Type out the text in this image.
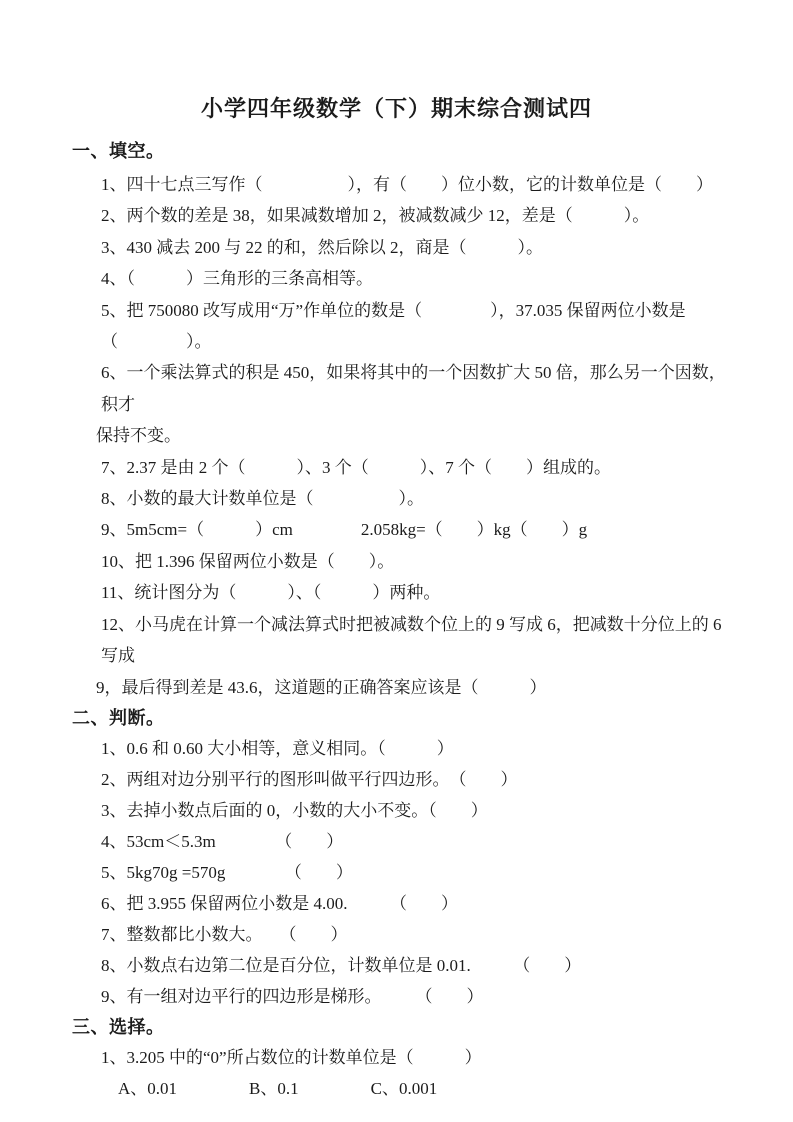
小学四年级数学（下）期末综合测试四
一、填空。
1、四十七点三写作（　　　　　），有（　　）位小数，它的计数单位是（　　）
2、两个数的差是 38，如果减数增加 2，被减数减少 12，差是（　　　）。
3、430 减去 200 与 22 的和，然后除以 2，商是（　　　）。
4、（　　　）三角形的三条高相等。
5、把 750080 改写成用“万”作单位的数是（　　　　），37.035 保留两位小数是（　　　　）。
6、一个乘法算式的积是 450，如果将其中的一个因数扩大 50 倍，那么另一个因数，积才
保持不变。
7、2.37 是由 2 个（　　　）、3 个（　　　）、7 个（　　）组成的。
8、小数的最大计数单位是（　　　　　）。
9、5m5cm=（　　　）cm　　　　2.058kg=（　　）kg（　　）g
10、把 1.396 保留两位小数是（　　）。
11、统计图分为（　　　）、（　　　）两种。
12、小马虎在计算一个减法算式时把被减数个位上的 9 写成 6，把减数十分位上的 6 写成
9，最后得到差是 43.6，这道题的正确答案应该是（　　　）
二、判断。
1、0.6 和 0.60 大小相等，意义相同。（　　　）
2、两组对边分别平行的图形叫做平行四边形。　（　　）
3、去掉小数点后面的 0，小数的大小不变。（　　）
4、53cm＜5.3m　　　　（　　）
5、5kg70g =570g　　　　（　　）
6、把 3.955 保留两位小数是 4.00.　　　（　　）
7、整数都比小数大。　　（　　）
8、小数点右边第二位是百分位，计数单位是 0.01.　　　（　　）
9、有一组对边平行的四边形是梯形。　　　（　　）
三、选择。
1、3.205 中的“0”所占数位的计数单位是（　　　）
A、0.01	B、0.1	C、0.001
